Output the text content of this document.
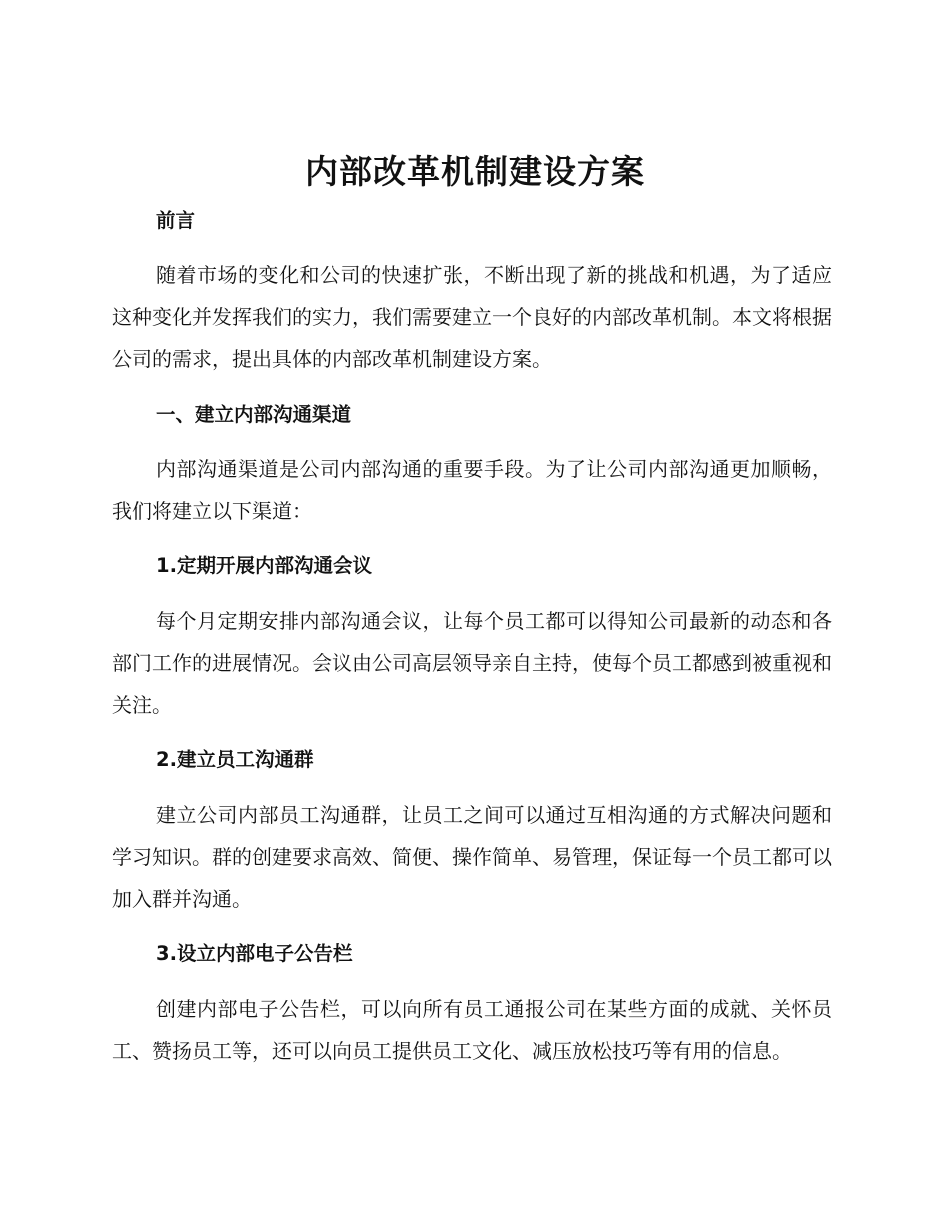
内部改革机制建设方案
前言
随着市场的变化和公司的快速扩张，不断出现了新的挑战和机遇，为了适应这种变化并发挥我们的实力，我们需要建立一个良好的内部改革机制。本文将根据公司的需求，提出具体的内部改革机制建设方案。
一、建立内部沟通渠道
内部沟通渠道是公司内部沟通的重要手段。为了让公司内部沟通更加顺畅，我们将建立以下渠道：
1.定期开展内部沟通会议
每个月定期安排内部沟通会议，让每个员工都可以得知公司最新的动态和各部门工作的进展情况。会议由公司高层领导亲自主持，使每个员工都感到被重视和关注。
2.建立员工沟通群
建立公司内部员工沟通群，让员工之间可以通过互相沟通的方式解决问题和学习知识。群的创建要求高效、简便、操作简单、易管理，保证每一个员工都可以加入群并沟通。
3.设立内部电子公告栏
创建内部电子公告栏，可以向所有员工通报公司在某些方面的成就、关怀员工、赞扬员工等，还可以向员工提供员工文化、减压放松技巧等有用的信息。
